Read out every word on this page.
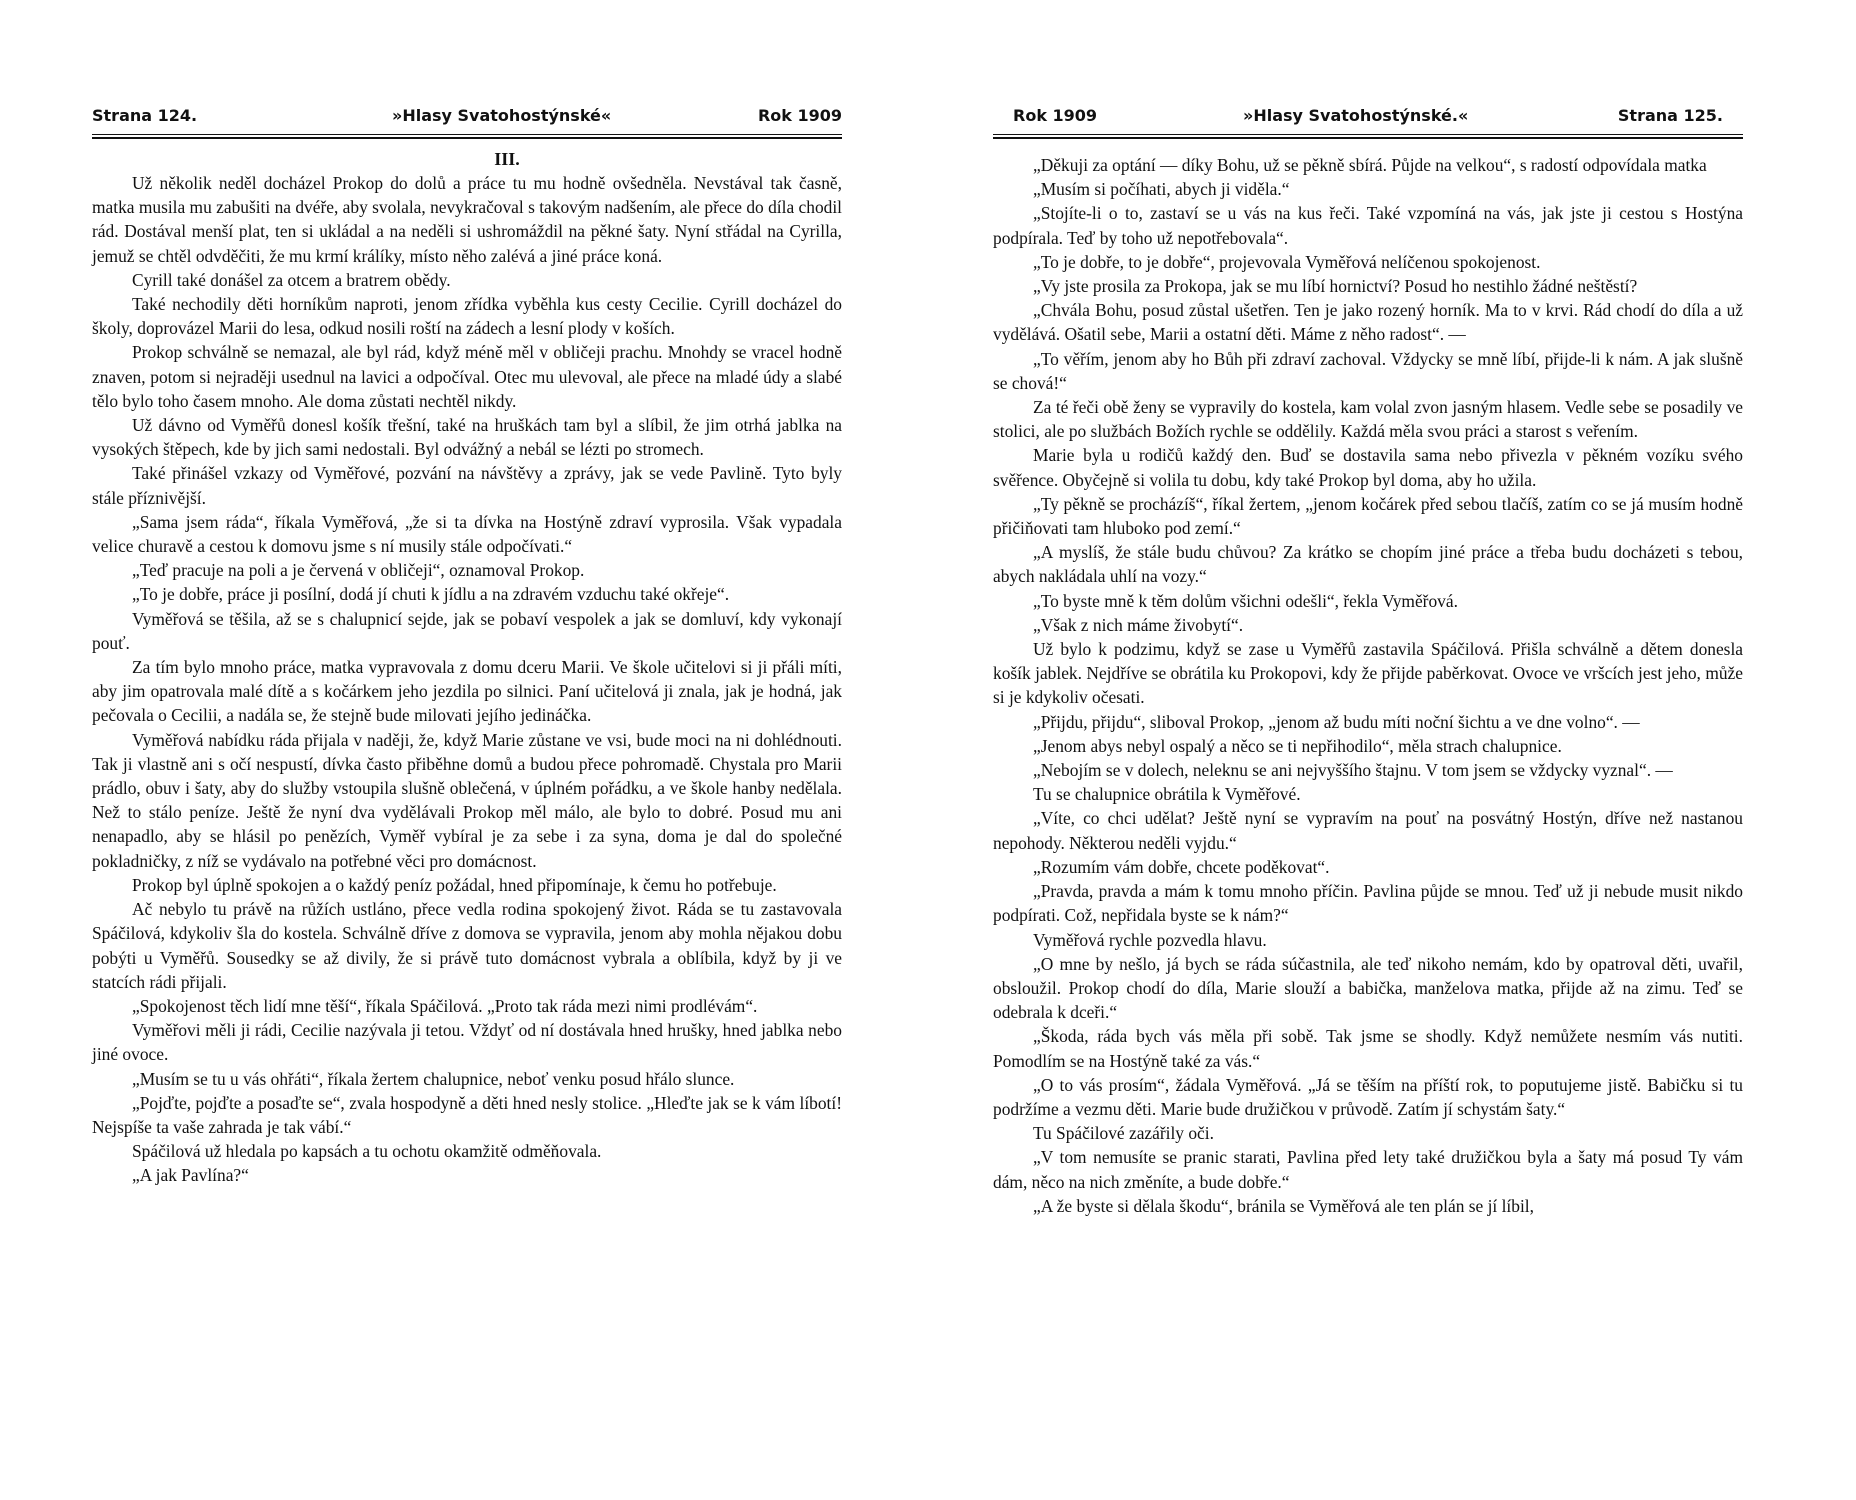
Strana 124.	»Hlasy Svatohostýnské«	Rok 1909
III.

Už několik neděl docházel Prokop do dolů a práce tu mu hodně ovšedněla. Nevstával tak časně, matka musila mu zabušiti na dvéře, aby svolala, nevykračoval s takovým nadšením, ale přece do díla chodil rád. Dostával menší plat, ten si ukládal a na neděli si ushromáždil na pěkné šaty. Nyní střádal na Cyrilla, jemuž se chtěl odvděčiti, že mu krmí králíky, místo něho zalévá a jiné práce koná.

Cyrill také donášel za otcem a bratrem obědy.

Také nechodily děti horníkům naproti, jenom zřídka vyběhla kus cesty Cecilie. Cyrill docházel do školy, doprovázel Marii do lesa, odkud nosili roští na zádech a lesní plody v koších.

Prokop schválně se nemazal, ale byl rád, když méně měl v obličeji prachu. Mnohdy se vracel hodně znaven, potom si nejraději usednul na lavici a odpočíval. Otec mu ulevoval, ale přece na mladé údy a slabé tělo bylo toho časem mnoho. Ale doma zůstati nechtěl nikdy.

Už dávno od Vyměřů donesl košík třešní, také na hruškách tam byl a slíbil, že jim otrhá jablka na vysokých štěpech, kde by jich sami nedostali. Byl odvážný a nebál se lézti po stromech.

Také přinášel vzkazy od Vyměřové, pozvání na návštěvy a zprávy, jak se vede Pavlině. Tyto byly stále příznivější.

„Sama jsem ráda“, říkala Vyměřová, „že si ta dívka na Hostýně zdraví vyprosila. Však vypadala velice churavě a cestou k domovu jsme s ní musily stále odpočívati.“

„Teď pracuje na poli a je červená v obličeji“, oznamoval Prokop.

„To je dobře, práce ji posílní, dodá jí chuti k jídlu a na zdravém vzduchu také okřeje“.

Vyměřová se těšila, až se s chalupnicí sejde, jak se pobaví vespolek a jak se domluví, kdy vykonají pouť.

Za tím bylo mnoho práce, matka vypravovala z domu dceru Marii. Ve škole učitelovi si ji přáli míti, aby jim opatrovala malé dítě a s kočárkem jeho jezdila po silnici. Paní učitelová ji znala, jak je hodná, jak pečovala o Cecilii, a nadála se, že stejně bude milovati jejího jedináčka.

Vyměřová nabídku ráda přijala v naději, že, když Marie zůstane ve vsi, bude moci na ni dohlédnouti. Tak ji vlastně ani s očí nespustí, dívka často přiběhne domů a budou přece pohromadě. Chystala pro Marii prádlo, obuv i šaty, aby do služby vstoupila slušně oblečená, v úplném pořádku, a ve škole hanby nedělala. Než to stálo peníze. Ještě že nyní dva vydělávali Prokop měl málo, ale bylo to dobré. Posud mu ani nenapadlo, aby se hlásil po penězích, Vyměř vybíral je za sebe i za syna, doma je dal do společné pokladničky, z níž se vydávalo na potřebné věci pro domácnost.

Prokop byl úplně spokojen a o každý peníz požádal, hned připomínaje, k čemu ho potřebuje.

Ač nebylo tu právě na růžích ustláno, přece vedla rodina spokojený život. Ráda se tu zastavovala Spáčilová, kdykoliv šla do kostela. Schválně dříve z domova se vypravila, jenom aby mohla nějakou dobu pobýti u Vyměřů. Sousedky se až divily, že si právě tuto domácnost vybrala a oblíbila, když by ji ve statcích rádi přijali.

„Spokojenost těch lidí mne těší“, říkala Spáčilová. „Proto tak ráda mezi nimi prodlévám“.

Vyměřovi měli ji rádi, Cecilie nazývala ji tetou. Vždyť od ní dostávala hned hrušky, hned jablka nebo jiné ovoce.

„Musím se tu u vás ohřáti“, říkala žertem chalupnice, neboť venku posud hřálo slunce.

„Pojďte, pojďte a posaďte se“, zvala hospodyně a děti hned nesly stolice. „Hleďte jak se k vám líbotí! Nejspíše ta vaše zahrada je tak vábí.“

Spáčilová už hledala po kapsách a tu ochotu okamžitě odměňovala.

„A jak Pavlína?“

Rok 1909	»Hlasy Svatohostýnské.«	Strana 125.

„Děkuji za optání — díky Bohu, už se pěkně sbírá. Půjde na velkou“, s radostí odpovídala matka

„Musím si počíhati, abych ji viděla.“

„Stojíte-li o to, zastaví se u vás na kus řeči. Také vzpomíná na vás, jak jste ji cestou s Hostýna podpírala. Teď by toho už nepotřebovala“.

„To je dobře, to je dobře“, projevovala Vyměřová nelíčenou spokojenost.

„Vy jste prosila za Prokopa, jak se mu líbí hornictví? Posud ho nestihlo žádné neštěstí?

„Chvála Bohu, posud zůstal ušetřen. Ten je jako rozený horník. Ma to v krvi. Rád chodí do díla a už vydělává. Ošatil sebe, Marii a ostatní děti. Máme z něho radost“. —

„To věřím, jenom aby ho Bůh při zdraví zachoval. Vždycky se mně líbí, přijde-li k nám. A jak slušně se chová!“

Za té řeči obě ženy se vypravily do kostela, kam volal zvon jasným hlasem. Vedle sebe se posadily ve stolici, ale po službách Božích rychle se oddělily. Každá měla svou práci a starost s veřením.

Marie byla u rodičů každý den. Buď se dostavila sama nebo přivezla v pěkném vozíku svého svěřence. Obyčejně si volila tu dobu, kdy také Prokop byl doma, aby ho užila.

„Ty pěkně se procházíš“, říkal žertem, „jenom kočárek před sebou tlačíš, zatím co se já musím hodně přičiňovati tam hluboko pod zemí.“

„A myslíš, že stále budu chůvou? Za krátko se chopím jiné práce a třeba budu docházeti s tebou, abych nakládala uhlí na vozy.“

„To byste mně k těm dolům všichni odešli“, řekla Vyměřová.

„Však z nich máme živobytí“.

Už bylo k podzimu, když se zase u Vyměřů zastavila Spáčilová. Přišla schválně a dětem donesla košík jablek. Nejdříve se obrátila ku Prokopovi, kdy že přijde paběrkovat. Ovoce ve vršcích jest jeho, může si je kdykoliv očesati.

„Přijdu, přijdu“, sliboval Prokop, „jenom až budu míti noční šichtu a ve dne volno“. —

„Jenom abys nebyl ospalý a něco se ti nepřihodilo“, měla strach chalupnice.

„Nebojím se v dolech, neleknu se ani nejvyššího štajnu. V tom jsem se vždycky vyznal“. —

Tu se chalupnice obrátila k Vyměřové.

„Víte, co chci udělat? Ještě nyní se vypravím na pouť na posvátný Hostýn, dříve než nastanou nepohody. Některou neděli vyjdu.“

„Rozumím vám dobře, chcete poděkovat“.

„Pravda, pravda a mám k tomu mnoho příčin. Pavlina půjde se mnou. Teď už ji nebude musit nikdo podpírati. Což, nepřidala byste se k nám?“

Vyměřová rychle pozvedla hlavu.

„O mne by nešlo, já bych se ráda súčastnila, ale teď nikoho nemám, kdo by opatroval děti, uvařil, obsloužil. Prokop chodí do díla, Marie slouží a babička, manželova matka, přijde až na zimu. Teď se odebrala k dceři.“

„Škoda, ráda bych vás měla při sobě. Tak jsme se shodly. Když nemůžete nesmím vás nutiti. Pomodlím se na Hostýně také za vás.“

„O to vás prosím“, žádala Vyměřová. „Já se těším na příští rok, to poputujeme jistě. Babičku si tu podržíme a vezmu děti. Marie bude družičkou v průvodě. Zatím jí schystám šaty.“

Tu Spáčilové zazářily oči.

„V tom nemusíte se pranic starati, Pavlina před lety také družičkou byla a šaty má posud Ty vám dám, něco na nich změníte, a bude dobře.“

„A že byste si dělala škodu“, bránila se Vyměřová ale ten plán se jí líbil,
